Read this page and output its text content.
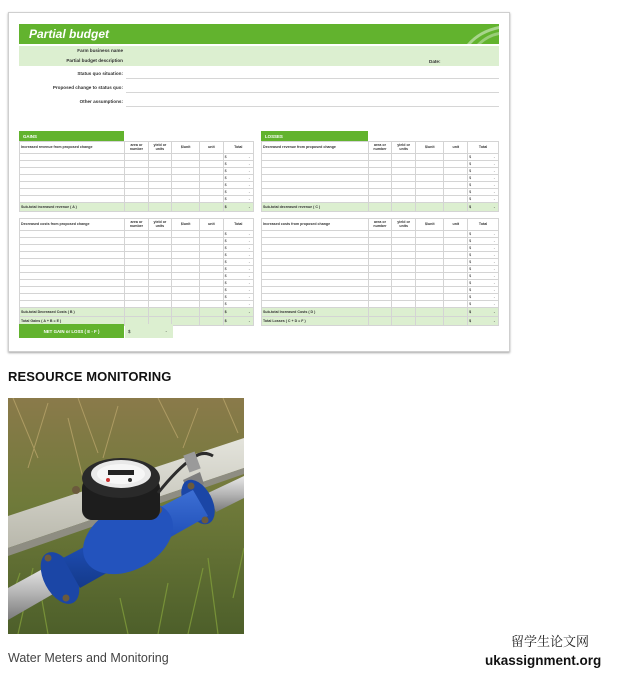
Partial budget
Farm business name
Partial budget description
Status quo situation:
Proposed change to status quo:
Other assumptions:
Date:
GAINS	LOSSES
Increased revenue from proposed change	area or number	yield or units	$/unit	unit	Total

					$ -

					$ -

					$ -

					$ -

					$ -

					$ -

					$ -

Sub-total increased revenue ( A )					$ -
Decreased revenue from proposed change	area or number	yield or units	$/unit	unit	Total

					$ -

					$ -

					$ -

					$ -

					$ -

					$ -

					$ -

Sub-total decreased revenue ( C )					$ -
Decreased costs from proposed change	area or number	yield or units	$/unit	unit	Total

					$ -

					$ -

					$ -

					$ -

					$ -

					$ -

					$ -

					$ -

					$ -

					$ -

					$ -

Sub-total Decreased Costs ( B )					$ -

Total Gains ( A + B = E )					$ -
Increased costs from proposed change	area or number	yield or units	$/unit	unit	Total

					$ -

					$ -

					$ -

					$ -

					$ -

					$ -

					$ -

					$ -

					$ -

					$ -

					$ -

Sub-total Increased Costs ( D )					$ -

Total Losses ( C + D = F )					$ -
NET GAIN or LOSS ( E - F )	$	-
RESOURCE MONITORING
Water Meters and Monitoring
留学生论文网
ukassignment.org
